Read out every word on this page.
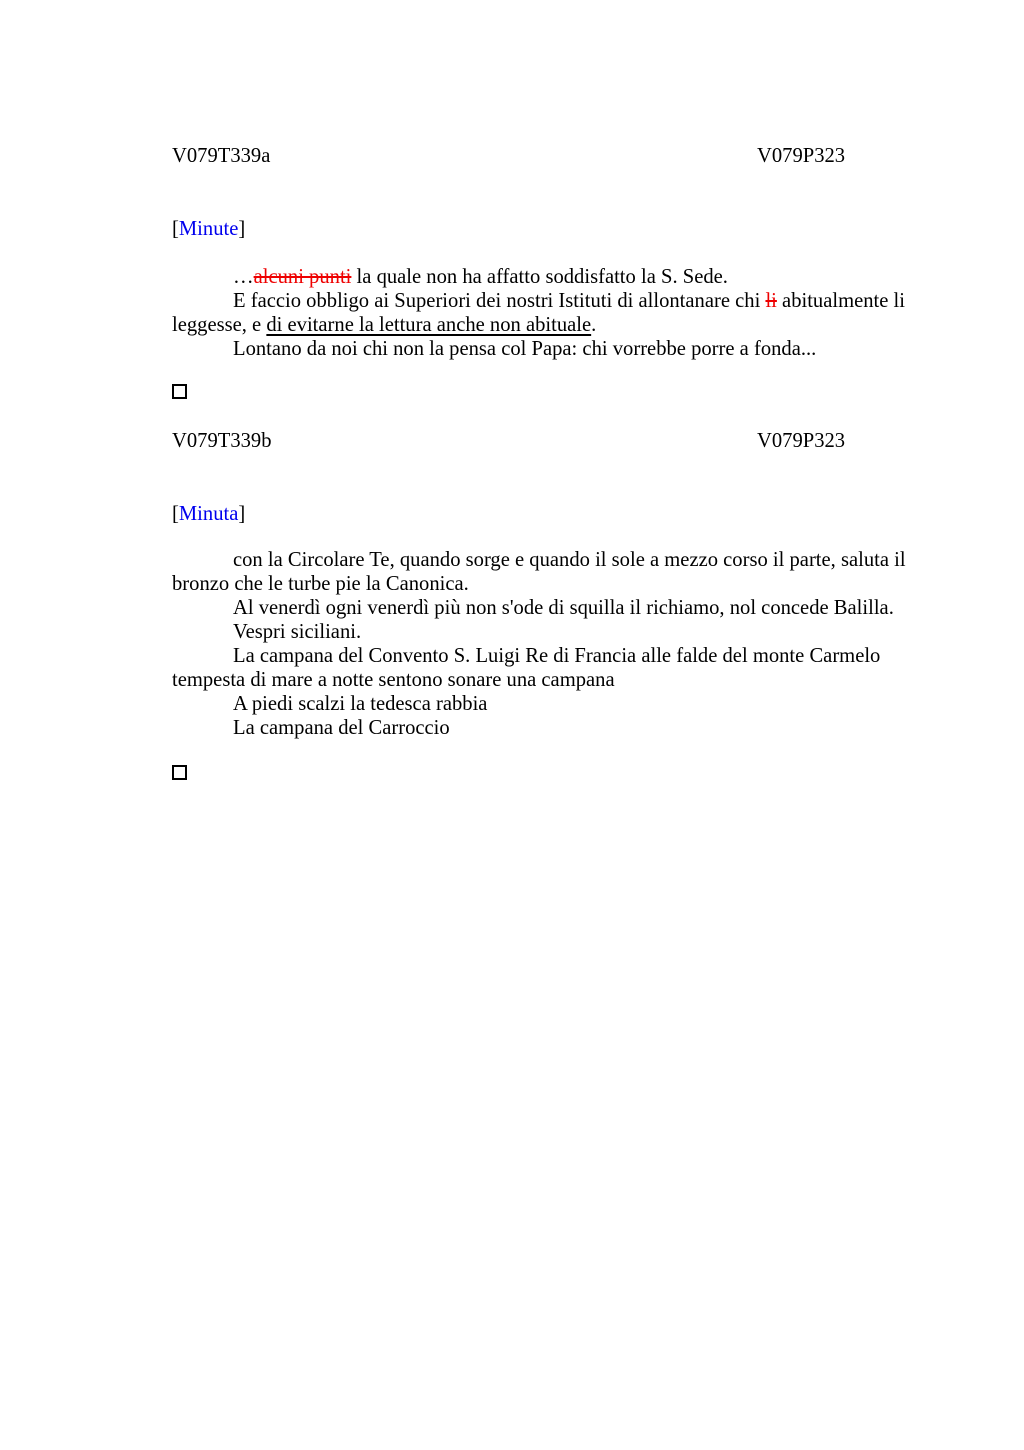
V079T339a	V079P323
[Minute]
…alcuni punti la quale non ha affatto soddisfatto la S. Sede.
E faccio obbligo ai Superiori dei nostri Istituti di allontanare chi li abitualmente li
leggesse, e di evitarne la lettura anche non abituale.
Lontano da noi chi non la pensa col Papa: chi vorrebbe porre a fonda...
V079T339b	V079P323
[Minuta]
con la Circolare Te, quando sorge e quando il sole a mezzo corso il parte, saluta il
bronzo che le turbe pie la Canonica.
Al venerdì ogni venerdì più non s'ode di squilla il richiamo, nol concede Balilla.
Vespri siciliani.
La campana del Convento S. Luigi Re di Francia alle falde del monte Carmelo
tempesta di mare a notte sentono sonare una campana
A piedi scalzi la tedesca rabbia
La campana del Carroccio
